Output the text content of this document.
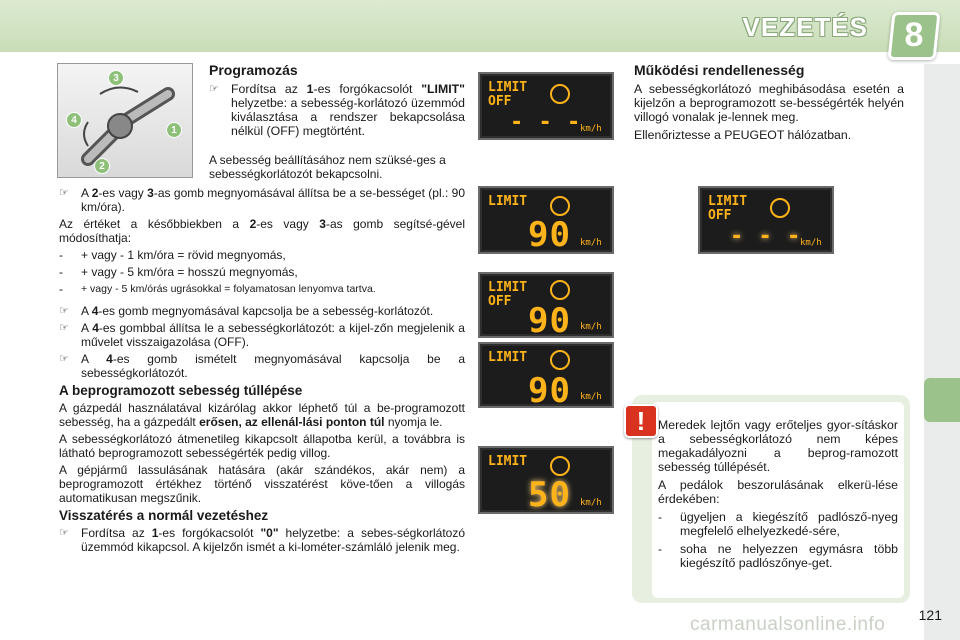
VEZETÉS	8
3
4
1
2
Programozás
☞ Fordítsa az 1-es forgókacsolót "LIMIT" helyzetbe: a sebesség-korlátozó üzemmód kiválasztása a rendszer bekapcsolása nélkül (OFF) megtörtént.
A sebesség beállításához nem szüksé-ges a sebességkorlátozót bekapcsolni.
☞	A 2-es vagy 3-as gomb megnyomásával állítsa be a se-bességet (pl.: 90 km/óra).

Az értéket a későbbiekben a 2-es vagy 3-as gomb segítsé-gével módosíthatja:

-	+ vagy - 1 km/óra = rövid megnyomás,
-	+ vagy - 5 km/óra = hosszú megnyomás,
-	+ vagy - 5 km/órás ugrásokkal = folyamatosan lenyomva tartva.
☞	A 4-es gomb megnyomásával kapcsolja be a sebesség-korlátozót.
☞	A 4-es gombbal állítsa le a sebességkorlátozót: a kijel-zőn megjelenik a művelet visszaigazolása (OFF).
☞	A 4-es gomb ismételt megnyomásával kapcsolja be a sebességkorlátozót.
A beprogramozott sebesség túllépése

A gázpedál használatával kizárólag akkor léphető túl a be-programozott sebesség, ha a gázpedált erősen, az ellenál-lási ponton túl nyomja le.

A sebességkorlátozó átmenetileg kikapcsolt állapotba kerül, a továbbra is látható beprogramozott sebességérték pedig villog.

A gépjármű lassulásának hatására (akár szándékos, akár nem) a beprogramozott értékhez történő visszatérést köve-tően a villogás automatikusan megszűnik.

Visszatérés a normál vezetéshez
☞	Fordítsa az 1-es forgókacsolót "0" helyzetbe: a sebes-ségkorlátozó üzemmód kikapcsol. A kijelzőn ismét a ki-lométer-számláló jelenik meg.
LIMIT
OFF
- - -
km/h
LIMIT
90 km/h
LIMIT
OFF 90 km/h
LIMIT
90 km/h
LIMIT
50 km/h
LIMIT
OFF
- - -
km/h
Működési rendellenesség

A sebességkorlátozó meghibásodása esetén a kijelzőn a beprogramozott se-bességérték helyén villogó vonalak je-lennek meg.

Ellenőriztesse a PEUGEOT hálózatban.

!	Meredek lejtőn vagy erőteljes gyor-sításkor a sebességkorlátozó nem képes megakadályozni a beprog-ramozott sebesség túllépését.

A pedálok beszorulásának elkerü-lése érdekében:

-	ügyeljen a kiegészítő padlósző-nyeg megfelelő elhelyezkedé-sére,
-	soha ne helyezzen egymásra több kiegészítő padlószőnye-get.
121
carmanualsonline.info
